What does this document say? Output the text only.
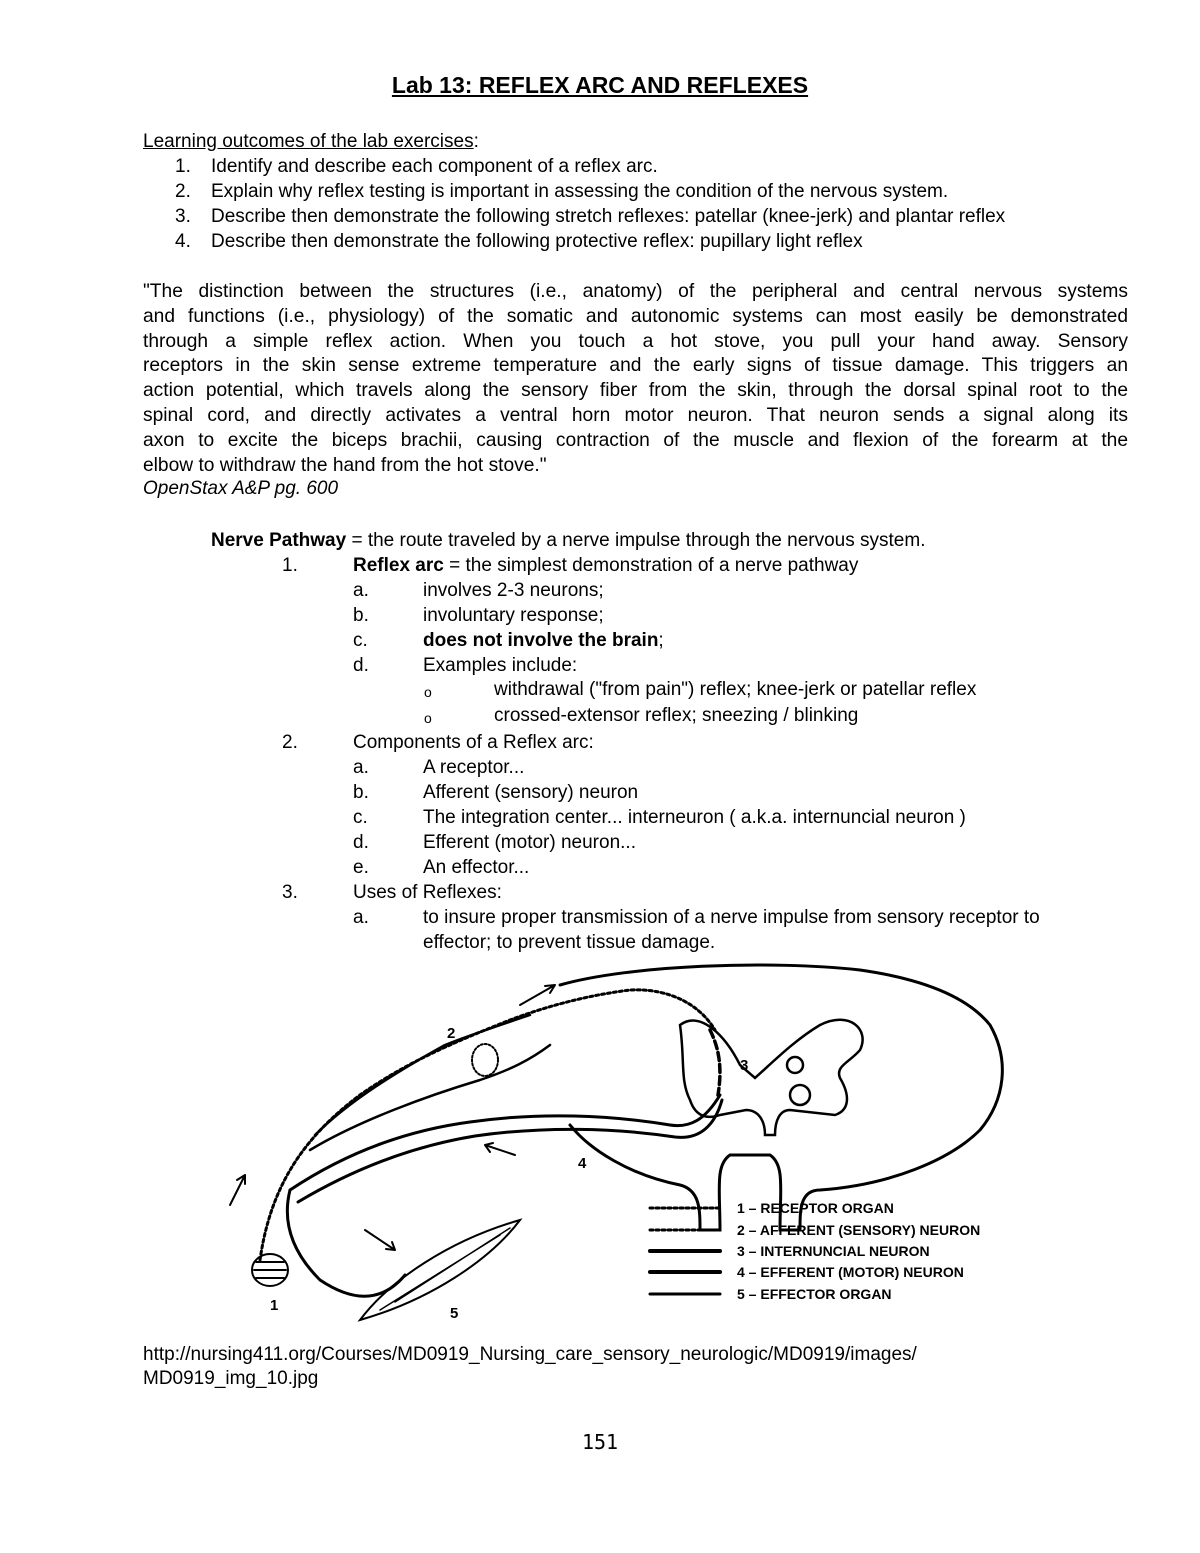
Lab 13: REFLEX ARC AND REFLEXES
Learning outcomes of the lab exercises:
1. Identify and describe each component of a reflex arc.
2. Explain why reflex testing is important in assessing the condition of the nervous system.
3. Describe then demonstrate the following stretch reflexes: patellar (knee-jerk) and plantar reflex
4. Describe then demonstrate the following protective reflex: pupillary light reflex
"The distinction between the structures (i.e., anatomy) of the peripheral and central nervous systems
and functions (i.e., physiology) of the somatic and autonomic systems can most easily be demonstrated
through a simple reflex action. When you touch a hot stove, you pull your hand away. Sensory
receptors in the skin sense extreme temperature and the early signs of tissue damage. This triggers an
action potential, which travels along the sensory fiber from the skin, through the dorsal spinal root to the
spinal cord, and directly activates a ventral horn motor neuron. That neuron sends a signal along its
axon to excite the biceps brachii, causing contraction of the muscle and flexion of the forearm at the
elbow to withdraw the hand from the hot stove."
OpenStax A&P pg. 600
Nerve Pathway = the route traveled by a nerve impulse through the nervous system.
1.	Reflex arc = the simplest demonstration of a nerve pathway
a.	involves 2-3 neurons;
b.	involuntary response;
c.	does not involve the brain;
d.	Examples include:
o	withdrawal ("from pain") reflex; knee-jerk or patellar reflex
o	crossed-extensor reflex; sneezing / blinking
2.	Components of a Reflex arc:
a.	A receptor...
b.	Afferent (sensory) neuron
c.	The integration center... interneuron ( a.k.a. internuncial neuron )
d.	Efferent (motor) neuron...
e.	An effector...
3.	Uses of Reflexes:
a.	to insure proper transmission of a nerve impulse from sensory receptor to
effector; to prevent tissue damage.
1
2
3
4
5
1 – RECEPTOR ORGAN
2 – AFFERENT (SENSORY) NEURON
3 – INTERNUNCIAL NEURON
4 – EFFERENT (MOTOR) NEURON
5 – EFFECTOR ORGAN
http://nursing411.org/Courses/MD0919_Nursing_care_sensory_neurologic/MD0919/images/
MD0919_img_10.jpg
151
